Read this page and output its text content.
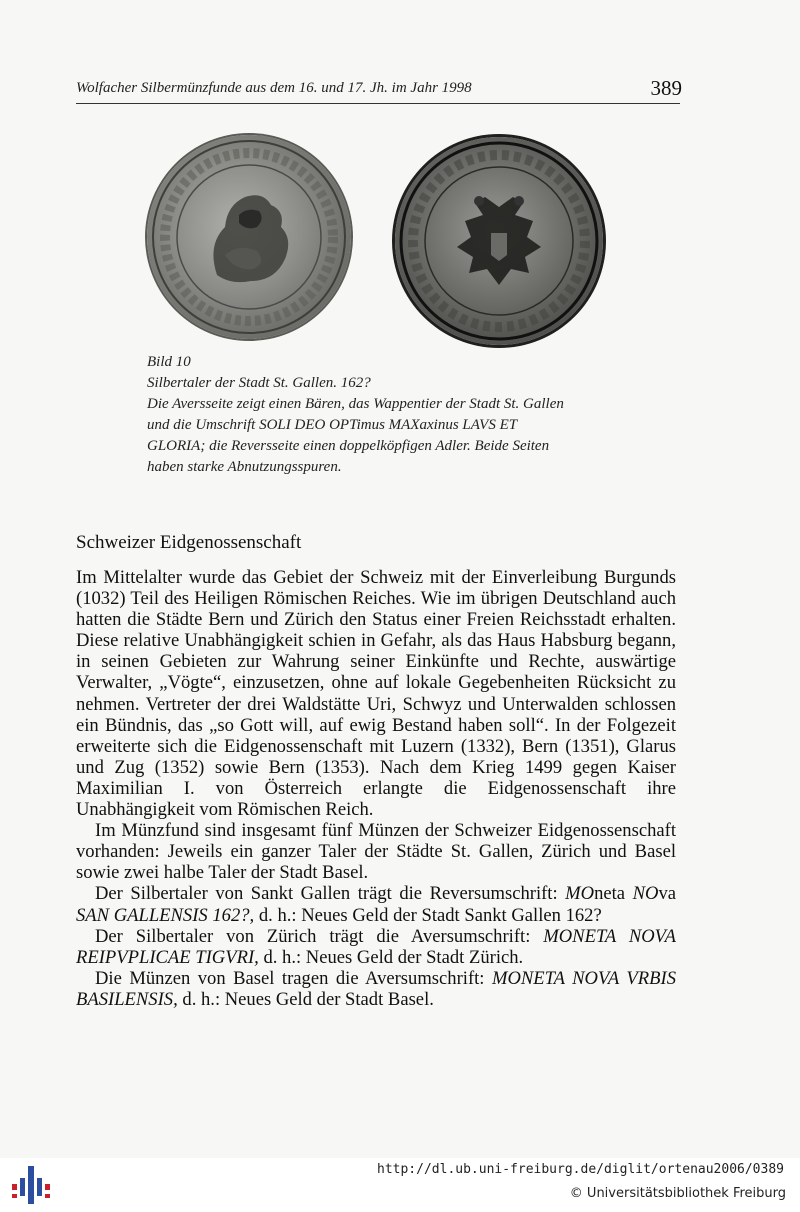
Wolfacher Silbermünzfunde aus dem 16. und 17. Jh. im Jahr 1998	389
Bild 10
Silbertaler der Stadt St. Gallen. 162?
Die Aversseite zeigt einen Bären, das Wappentier der Stadt St. Gallen
und die Umschrift SOLI DEO OPTimus MAXaxinus LAVS ET
GLORIA; die Reversseite einen doppelköpfigen Adler. Beide Seiten
haben starke Abnutzungsspuren.
Schweizer Eidgenossenschaft

Im Mittelalter wurde das Gebiet der Schweiz mit der Einverleibung Burgunds (1032) Teil des Heiligen Römischen Reiches. Wie im übrigen Deutschland auch hatten die Städte Bern und Zürich den Status einer Freien Reichsstadt erhalten. Diese relative Unabhängigkeit schien in Gefahr, als das Haus Habsburg begann, in seinen Gebieten zur Wahrung seiner Einkünfte und Rechte, auswärtige Verwalter, „Vögte“, einzusetzen, ohne auf lokale Gegebenheiten Rücksicht zu nehmen. Vertreter der drei Waldstätte Uri, Schwyz und Unterwalden schlossen ein Bündnis, das „so Gott will, auf ewig Bestand haben soll“. In der Folgezeit erweiterte sich die Eidgenossenschaft mit Luzern (1332), Bern (1351), Glarus und Zug (1352) sowie Bern (1353). Nach dem Krieg 1499 gegen Kaiser Maximilian I. von Österreich erlangte die Eidgenossenschaft ihre Unabhängigkeit vom Römischen Reich.

Im Münzfund sind insgesamt fünf Münzen der Schweizer Eidgenossenschaft vorhanden: Jeweils ein ganzer Taler der Städte St. Gallen, Zürich und Basel sowie zwei halbe Taler der Stadt Basel.

Der Silbertaler von Sankt Gallen trägt die Reversumschrift: MOneta NOva SAN GALLENSIS 162?, d. h.: Neues Geld der Stadt Sankt Gallen 162?

Der Silbertaler von Zürich trägt die Aversumschrift: MONETA NOVA REIPVPLICAE TIGVRI, d. h.: Neues Geld der Stadt Zürich.

Die Münzen von Basel tragen die Aversumschrift: MONETA NOVA VRBIS BASILENSIS, d. h.: Neues Geld der Stadt Basel.

http://dl.ub.uni-freiburg.de/diglit/ortenau2006/0389
© Universitätsbibliothek Freiburg
